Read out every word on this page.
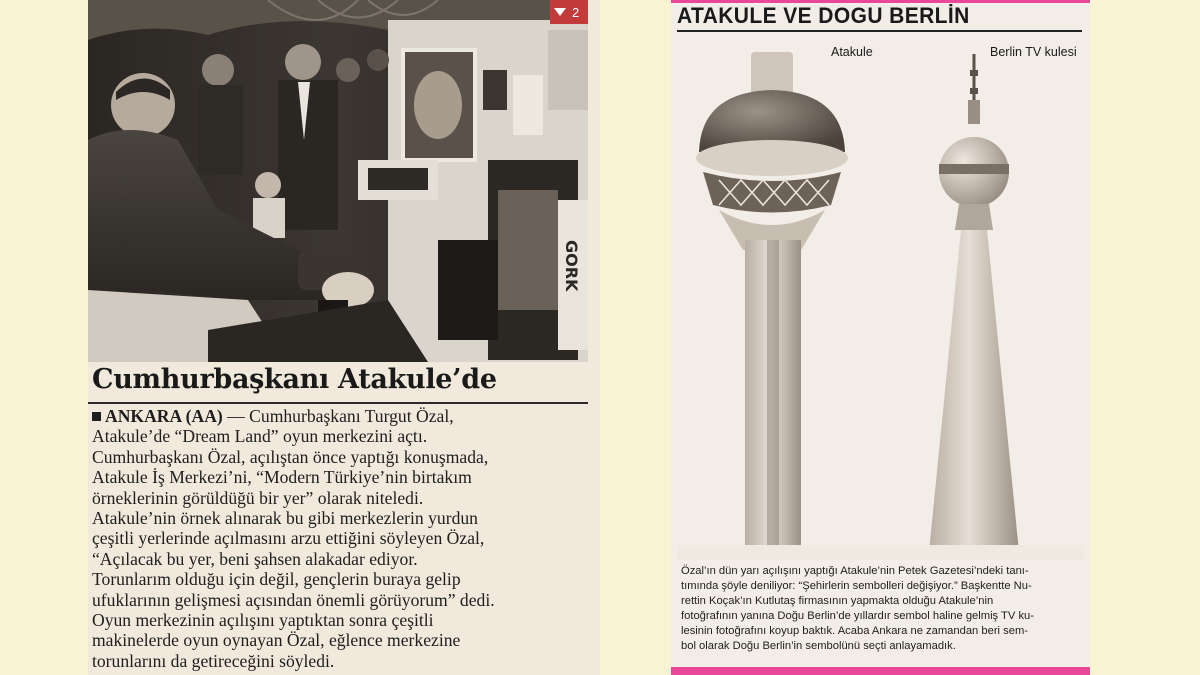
GORK
2
Cumhurbaşkanı Atakule’de
ANKARA (AA) — Cumhurbaşkanı Turgut Özal,
Atakule’de “Dream Land” oyun merkezini açtı.
Cumhurbaşkanı Özal, açılıştan önce yaptığı konuşmada,
Atakule İş Merkezi’ni, “Modern Türkiye’nin birtakım
örneklerinin görüldüğü bir yer” olarak niteledi.
Atakule’nin örnek alınarak bu gibi merkezlerin yurdun
çeşitli yerlerinde açılmasını arzu ettiğini söyleyen Özal,
“Açılacak bu yer, beni şahsen alakadar ediyor.
Torunlarım olduğu için değil, gençlerin buraya gelip
ufuklarının gelişmesi açısından önemli görüyorum” dedi.
Oyun merkezinin açılışını yaptıktan sonra çeşitli
makinelerde oyun oynayan Özal, eğlence merkezine
torunlarını da getireceğini söyledi.
ATAKULE VE DOGU BERLİN
Atakule	Berlin TV kulesi
Özal’ın dün yarı açılışını yaptığı Atakule’nin Petek Gazetesi’ndeki tanı-
tımında şöyle deniliyor: “Şehirlerin sembolleri değişiyor.” Başkentte Nu-
rettin Koçak’ın Kutlutaş firmasının yapmakta olduğu Atakule’nin
fotoğrafının yanına Doğu Berlin’de yıllardır sembol haline gelmiş TV ku-
lesinin fotoğrafını koyup baktık. Acaba Ankara ne zamandan beri sem-
bol olarak Doğu Berlin’in sembolünü seçti anlayamadık.
